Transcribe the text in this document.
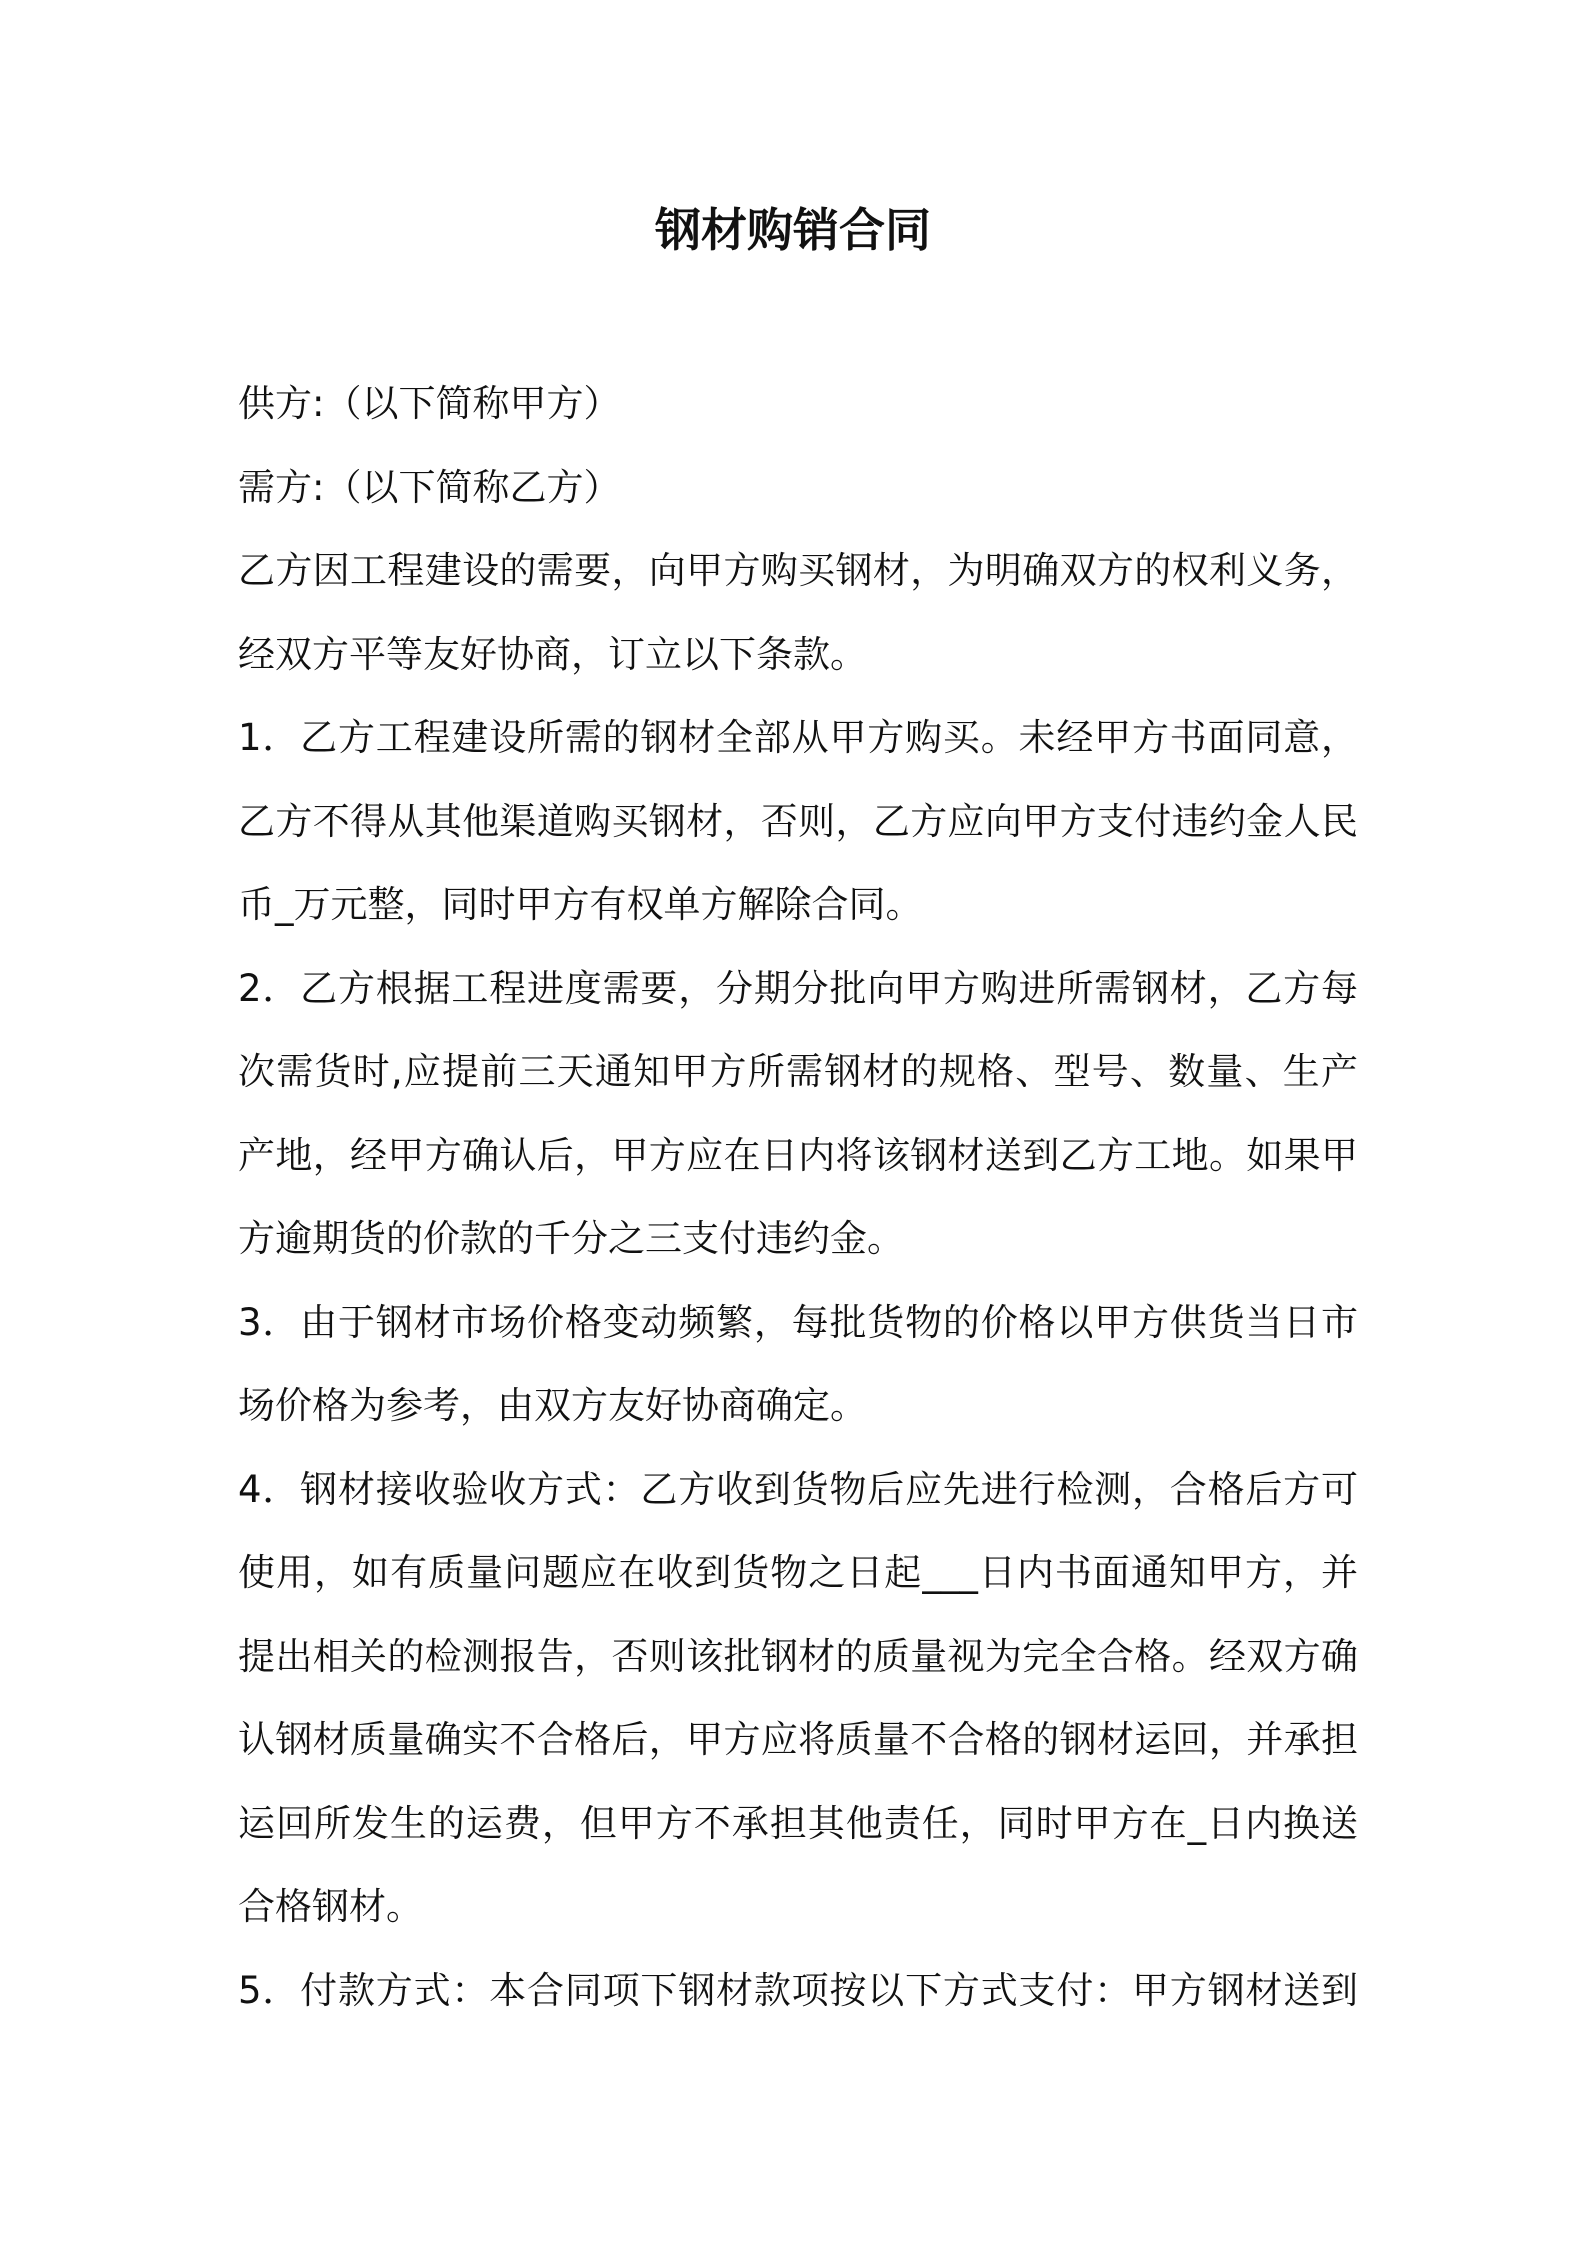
钢材购销合同
供方:（以下简称甲方）
需方:（以下简称乙方）
乙方因工程建设的需要，向甲方购买钢材，为明确双方的权利义务，
经双方平等友好协商，订立以下条款。
1．乙方工程建设所需的钢材全部从甲方购买。未经甲方书面同意，
乙方不得从其他渠道购买钢材，否则，乙方应向甲方支付违约金人民
币_万元整，同时甲方有权单方解除合同。
2．乙方根据工程进度需要，分期分批向甲方购进所需钢材，乙方每
次需货时,应提前三天通知甲方所需钢材的规格、型号、数量、生产
产地，经甲方确认后，甲方应在日内将该钢材送到乙方工地。如果甲
方逾期货的价款的千分之三支付违约金。
3．由于钢材市场价格变动频繁，每批货物的价格以甲方供货当日市
场价格为参考，由双方友好协商确定。
4．钢材接收验收方式：乙方收到货物后应先进行检测，合格后方可
使用，如有质量问题应在收到货物之日起___日内书面通知甲方，并
提出相关的检测报告，否则该批钢材的质量视为完全合格。经双方确
认钢材质量确实不合格后，甲方应将质量不合格的钢材运回，并承担
运回所发生的运费，但甲方不承担其他责任，同时甲方在_日内换送
合格钢材。
5．付款方式：本合同项下钢材款项按以下方式支付：甲方钢材送到
